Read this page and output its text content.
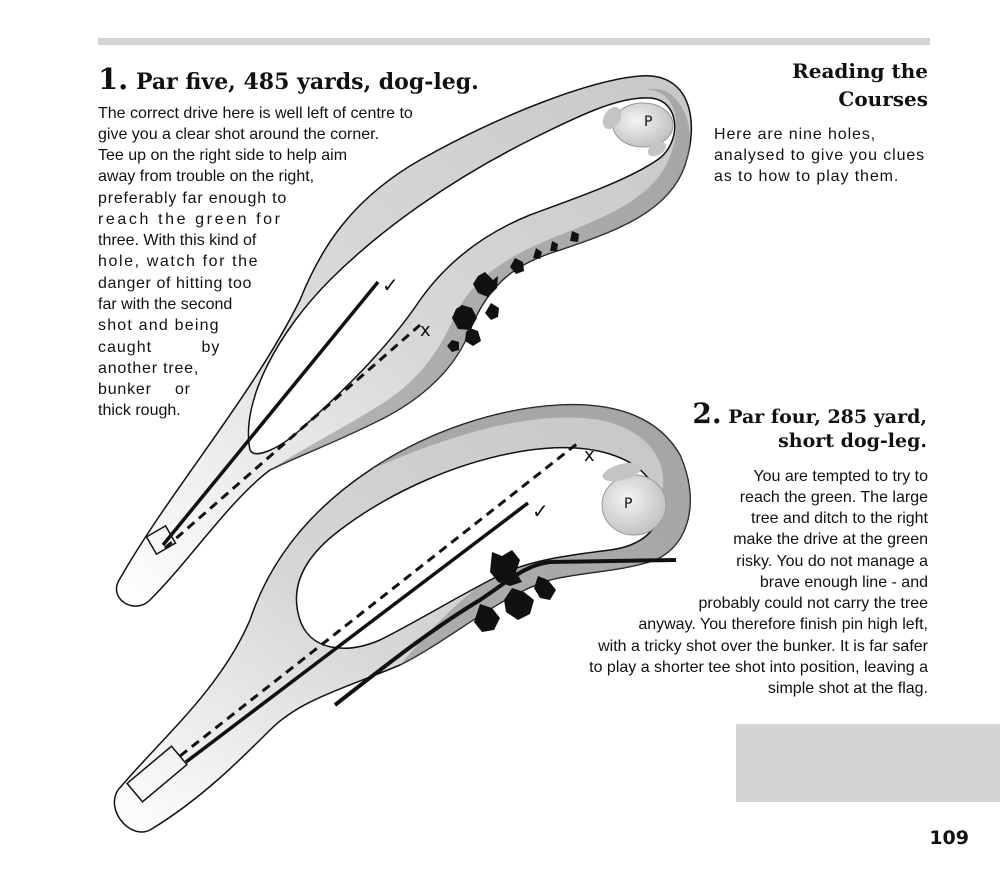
✓
x
P
✓
x
P
1. Par five, 485 yards, dog-leg.	Reading the
Courses
Here are nine holes,
analysed to give you clues
as to how to play them.
The correct drive here is well left of centre to
give you a clear shot around the corner.
Tee up on the right side to help aim
away from trouble on the right,
preferably far enough to
reach the green for
three. With this kind of
hole, watch for the
danger of hitting too
far with the second
shot and being
caught by
another tree,
bunker or
thick rough.	2. Par four, 285 yard,
short dog-leg.
You are tempted to try to
reach the green. The large
tree and ditch to the right
make the drive at the green
risky. You do not manage a
brave enough line - and
probably could not carry the tree
anyway. You therefore finish pin high left,
with a tricky shot over the bunker. It is far safer
to play a shorter tee shot into position, leaving a
simple shot at the flag.
109
